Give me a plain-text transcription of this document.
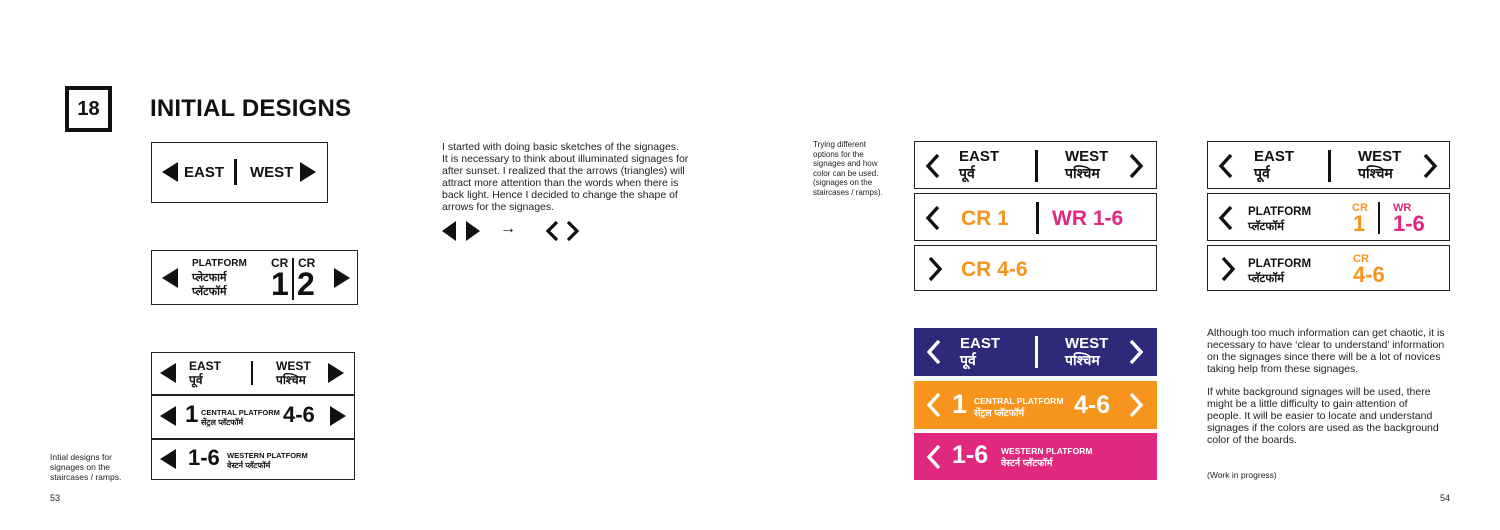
18 INITIAL DESIGNS
EAST WEST
PLATFORM
प्लेटफार्म
प्लॅटफॉर्म
CR CR
1 2
EAST
पूर्व
WEST
पश्चिम
1 CENTRAL PLATFORM
सेंट्रल प्लॅटफॉर्म 4-6
1-6 WESTERN PLATFORM
वेस्टर्न प्लॅटफॉर्म
Intial designs for
signages on the
staircases / ramps.
53
I started with doing basic sketches of the signages.
It is necessary to think about illuminated signages for
after sunset. I realized that the arrows (triangles) will
attract more attention than the words when there is
back light. Hence I decided to change the shape of
arrows for the signages.
→
Trying different
options for the
signages and how
color can be used.
(signages on the
staircases / ramps).
EAST
पूर्व
WEST
पश्चिम
CR 1 WR 1-6
CR 4-6
EAST
पूर्व
WEST
पश्चिम
1 CENTRAL PLATFORM
सेंट्रल प्लॅटफॉर्म 4-6
1-6 WESTERN PLATFORM
वेस्टर्न प्लॅटफॉर्म
EAST
पूर्व
WEST
पश्चिम
PLATFORM
प्लॅटफॉर्म
CR
1
WR
1-6
PLATFORM
प्लॅटफॉर्म
CR
4-6
Although too much information can get chaotic, it is
necessary to have ‘clear to understand’ information
on the signages since there will be a lot of novices
taking help from these signages.
If white background signages will be used, there
might be a little difficulty to gain attention of
people. It will be easier to locate and understand
signages if the colors are used as the background
color of the boards.
(Work in progress)
54
